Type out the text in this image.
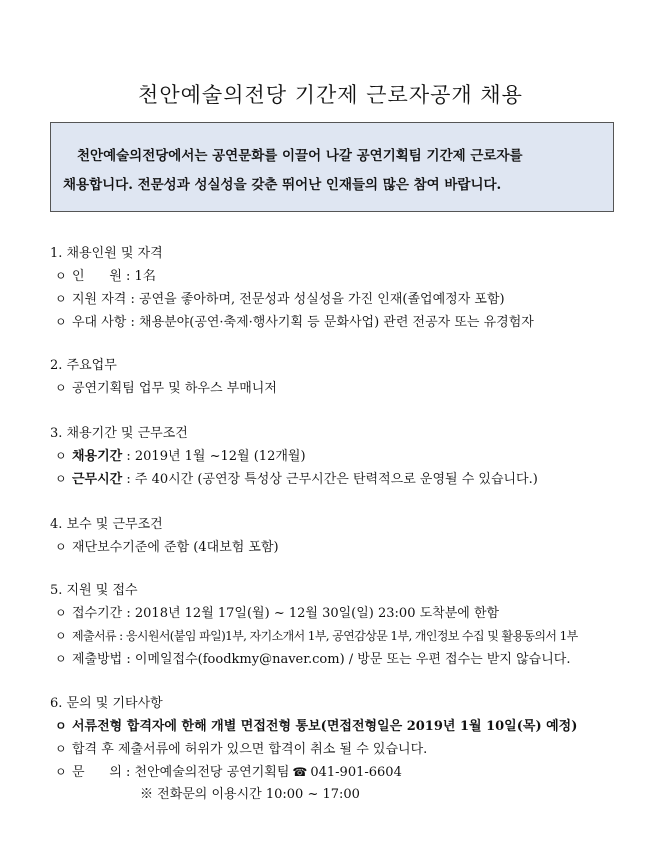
천안예술의전당 기간제 근로자공개 채용
천안예술의전당에서는 공연문화를 이끌어 나갈 공연기획팀 기간제 근로자를
채용합니다. 전문성과 성실성을 갖춘 뛰어난 인재들의 많은 참여 바랍니다.
1. 채용인원 및 자격
ㅇ 인      원 : 1名
ㅇ 지원 자격 : 공연을 좋아하며, 전문성과 성실성을 가진 인재(졸업예정자 포함)
ㅇ 우대 사항 : 채용분야(공연·축제·행사기획 등 문화사업) 관련 전공자 또는 유경험자
2. 주요업무
ㅇ 공연기획팀 업무 및 하우스 부매니저
3. 채용기간 및 근무조건
ㅇ 채용기간 : 2019년 1월 ~12월 (12개월)
ㅇ 근무시간 : 주 40시간 (공연장 특성상 근무시간은 탄력적으로 운영될 수 있습니다.)
4. 보수 및 근무조건
ㅇ 재단보수기준에 준함 (4대보험 포함)
5. 지원 및 접수
ㅇ 접수기간 : 2018년 12월 17일(월) ~ 12월 30일(일) 23:00 도착분에 한함
ㅇ 제출서류 : 응시원서(붙임 파일)1부, 자기소개서 1부, 공연감상문 1부, 개인정보 수집 및 활용동의서 1부
ㅇ 제출방법 : 이메일접수(foodkmy@naver.com) / 방문 또는 우편 접수는 받지 않습니다.
6. 문의 및 기타사항
ㅇ 서류전형 합격자에 한해 개별 면접전형 통보(면접전형일은 2019년 1월 10일(목) 예정)
ㅇ 합격 후 제출서류에 허위가 있으면 합격이 취소 될 수 있습니다.
ㅇ 문      의 : 천안예술의전당 공연기획팀 ☎ 041-901-6604
※ 전화문의 이용시간 10:00 ~ 17:00
